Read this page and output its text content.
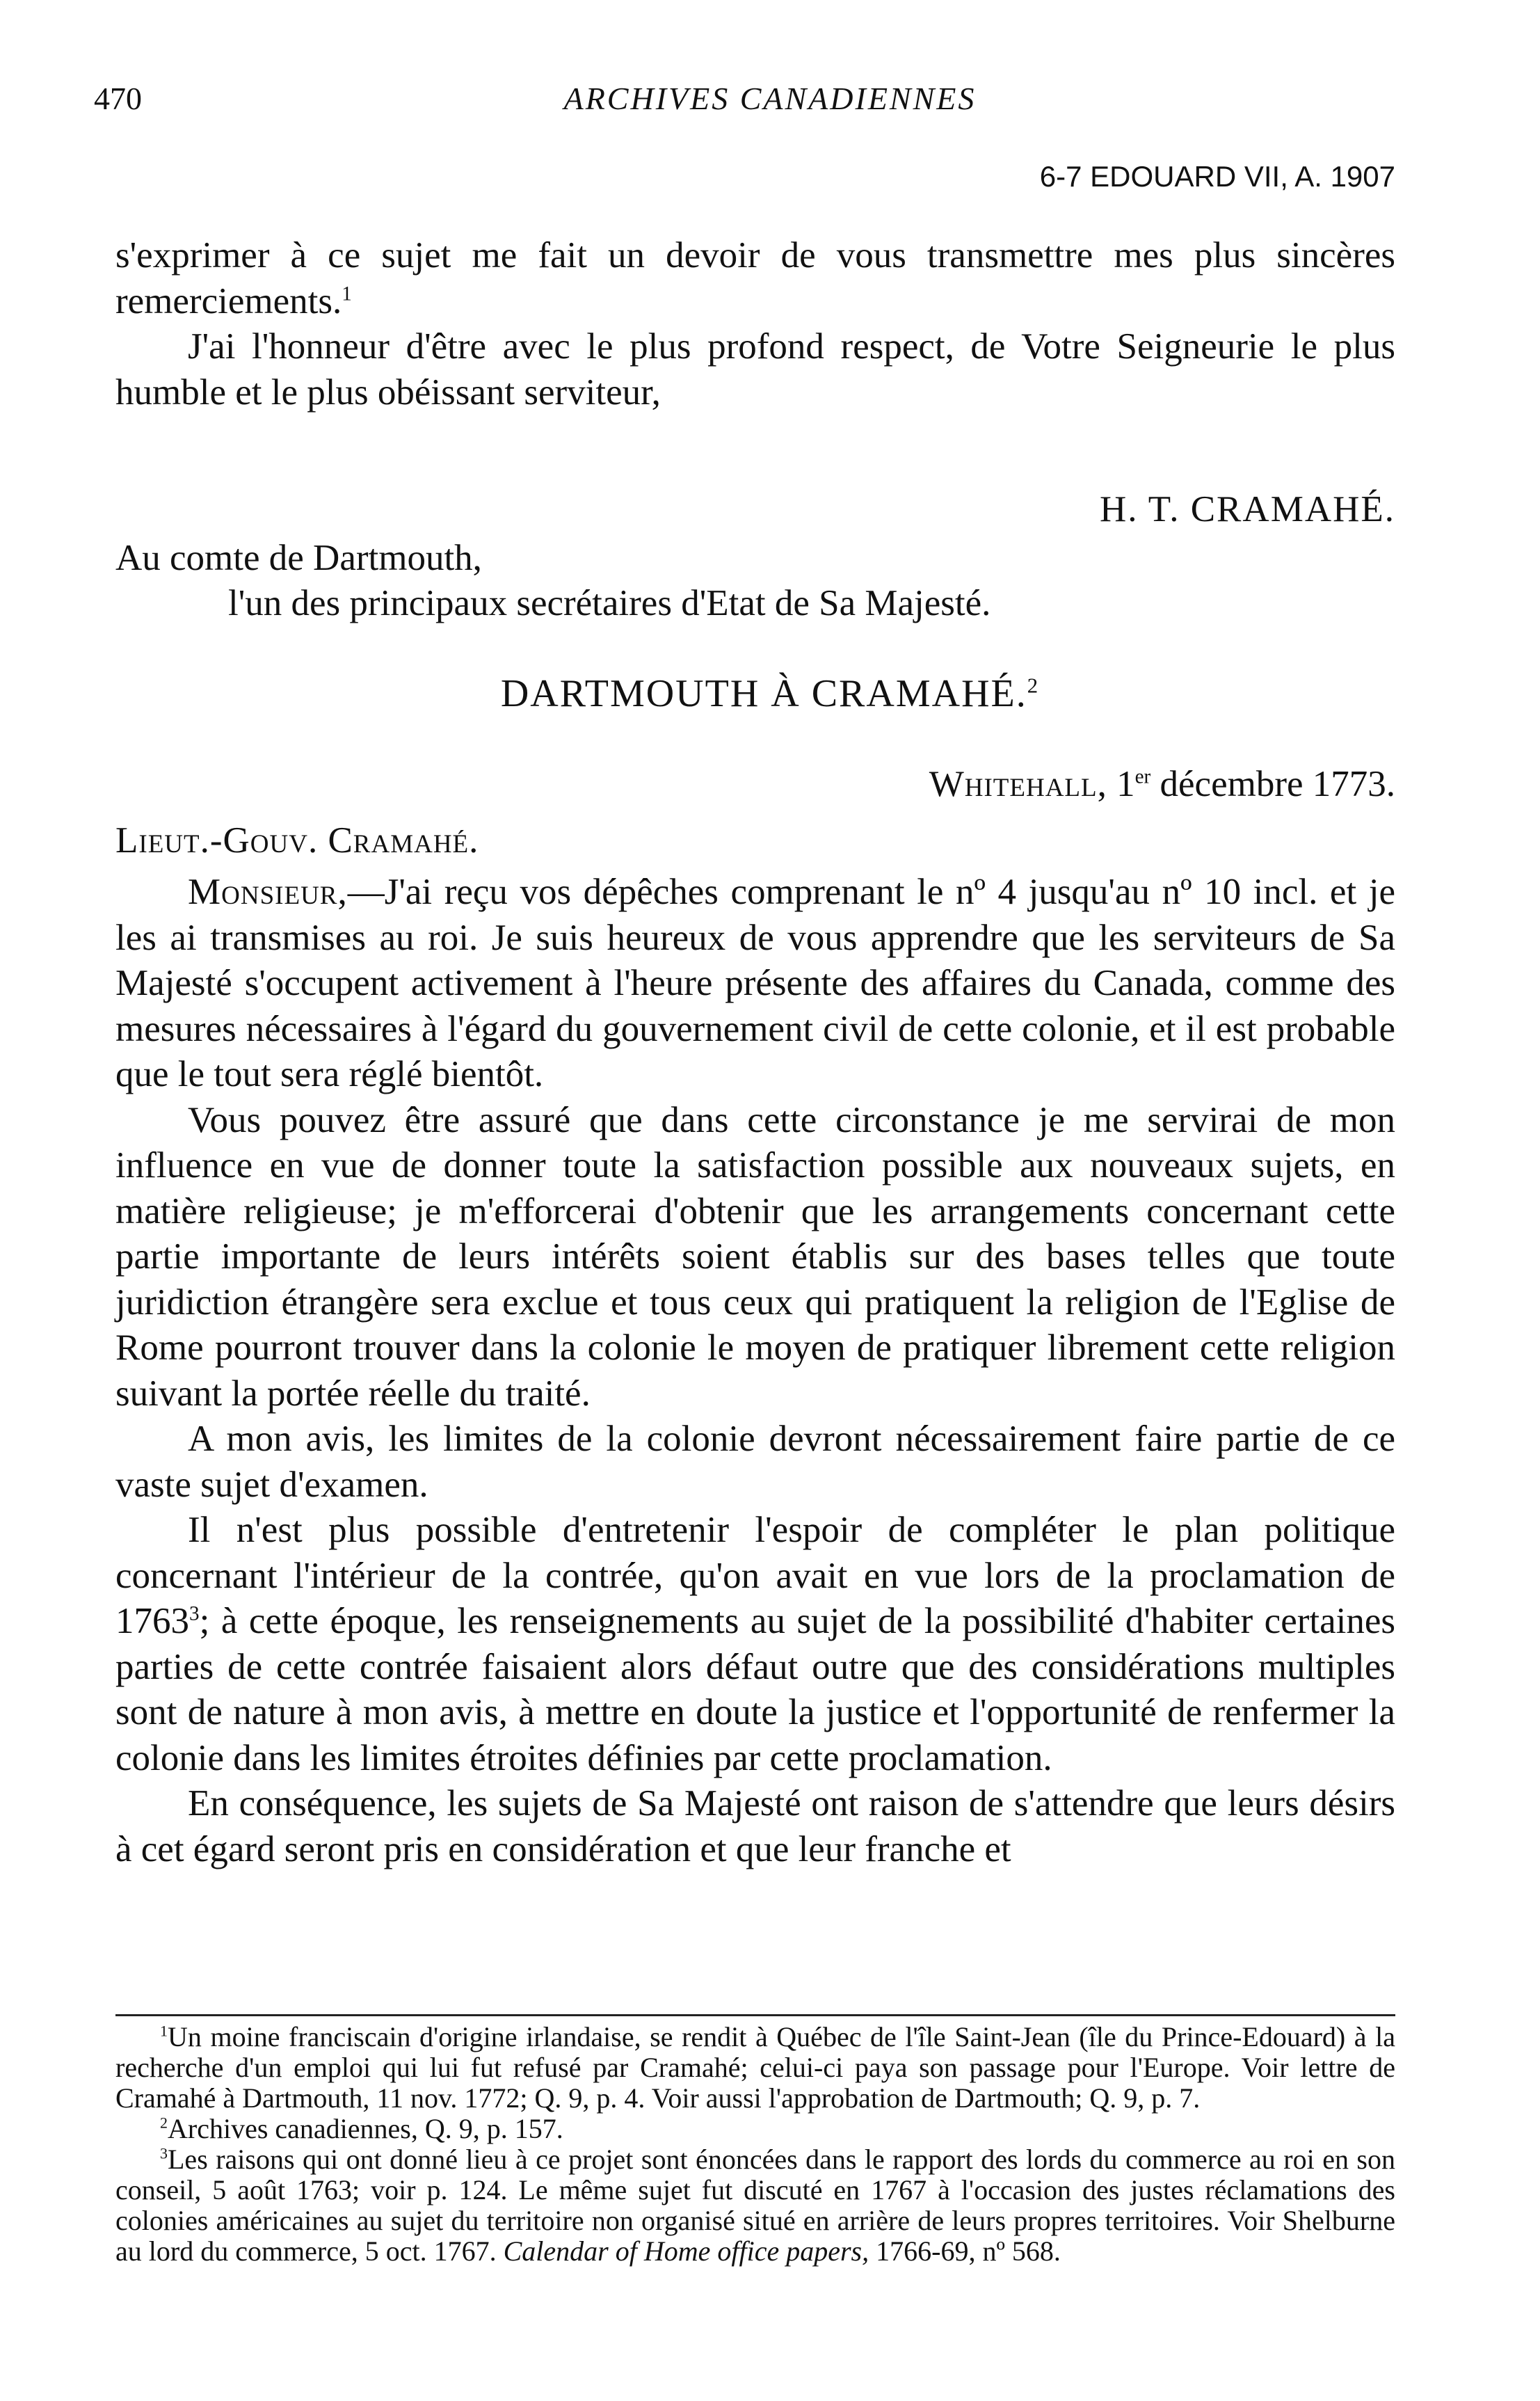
470	ARCHIVES CANADIENNES
6-7 EDOUARD VII, A. 1907

s'exprimer à ce sujet me fait un devoir de vous transmettre mes plus sincères remerciements.$^1$

J'ai l'honneur d'être avec le plus profond respect, de Votre Seigneurie le plus humble et le plus obéissant serviteur,

H. T. CRAMAHÉ.
Au comte de Dartmouth,
l'un des principaux secrétaires d'Etat de Sa Majesté.
DARTMOUTH À CRAMAHÉ.$^2$
Whitehall, 1er décembre 1773.
Lieut.-Gouv. Cramahé.

Monsieur,—J'ai reçu vos dépêches comprenant le nº 4 jusqu'au nº 10 incl. et je les ai transmises au roi. Je suis heureux de vous apprendre que les serviteurs de Sa Majesté s'occupent activement à l'heure présente des affaires du Canada, comme des mesures nécessaires à l'égard du gouvernement civil de cette colonie, et il est probable que le tout sera réglé bientôt.

Vous pouvez être assuré que dans cette circonstance je me servirai de mon influence en vue de donner toute la satisfaction possible aux nouveaux sujets, en matière religieuse; je m'efforcerai d'obtenir que les arrangements concernant cette partie importante de leurs intérêts soient établis sur des bases telles que toute juridiction étrangère sera exclue et tous ceux qui pratiquent la religion de l'Eglise de Rome pourront trouver dans la colonie le moyen de pratiquer librement cette religion suivant la portée réelle du traité.

A mon avis, les limites de la colonie devront nécessairement faire partie de ce vaste sujet d'examen.

Il n'est plus possible d'entretenir l'espoir de compléter le plan politique concernant l'intérieur de la contrée, qu'on avait en vue lors de la proclamation de 1763$^3$; à cette époque, les renseignements au sujet de la possibilité d'habiter certaines parties de cette contrée faisaient alors défaut outre que des considérations multiples sont de nature à mon avis, à mettre en doute la justice et l'opportunité de renfermer la colonie dans les limites étroites définies par cette proclamation.

En conséquence, les sujets de Sa Majesté ont raison de s'attendre que leurs désirs à cet égard seront pris en considération et que leur franche et

$^1$Un moine franciscain d'origine irlandaise, se rendit à Québec de l'île Saint-Jean (île du Prince-Edouard) à la recherche d'un emploi qui lui fut refusé par Cramahé; celui-ci paya son passage pour l'Europe. Voir lettre de Cramahé à Dartmouth, 11 nov. 1772; Q. 9, p. 4. Voir aussi l'approbation de Dartmouth; Q. 9, p. 7.

$^2$Archives canadiennes, Q. 9, p. 157.

$^3$Les raisons qui ont donné lieu à ce projet sont énoncées dans le rapport des lords du commerce au roi en son conseil, 5 août 1763; voir p. 124. Le même sujet fut discuté en 1767 à l'occasion des justes réclamations des colonies américaines au sujet du territoire non organisé situé en arrière de leurs propres territoires. Voir Shelburne au lord du commerce, 5 oct. 1767. Calendar of Home office papers, 1766-69, nº 568.
